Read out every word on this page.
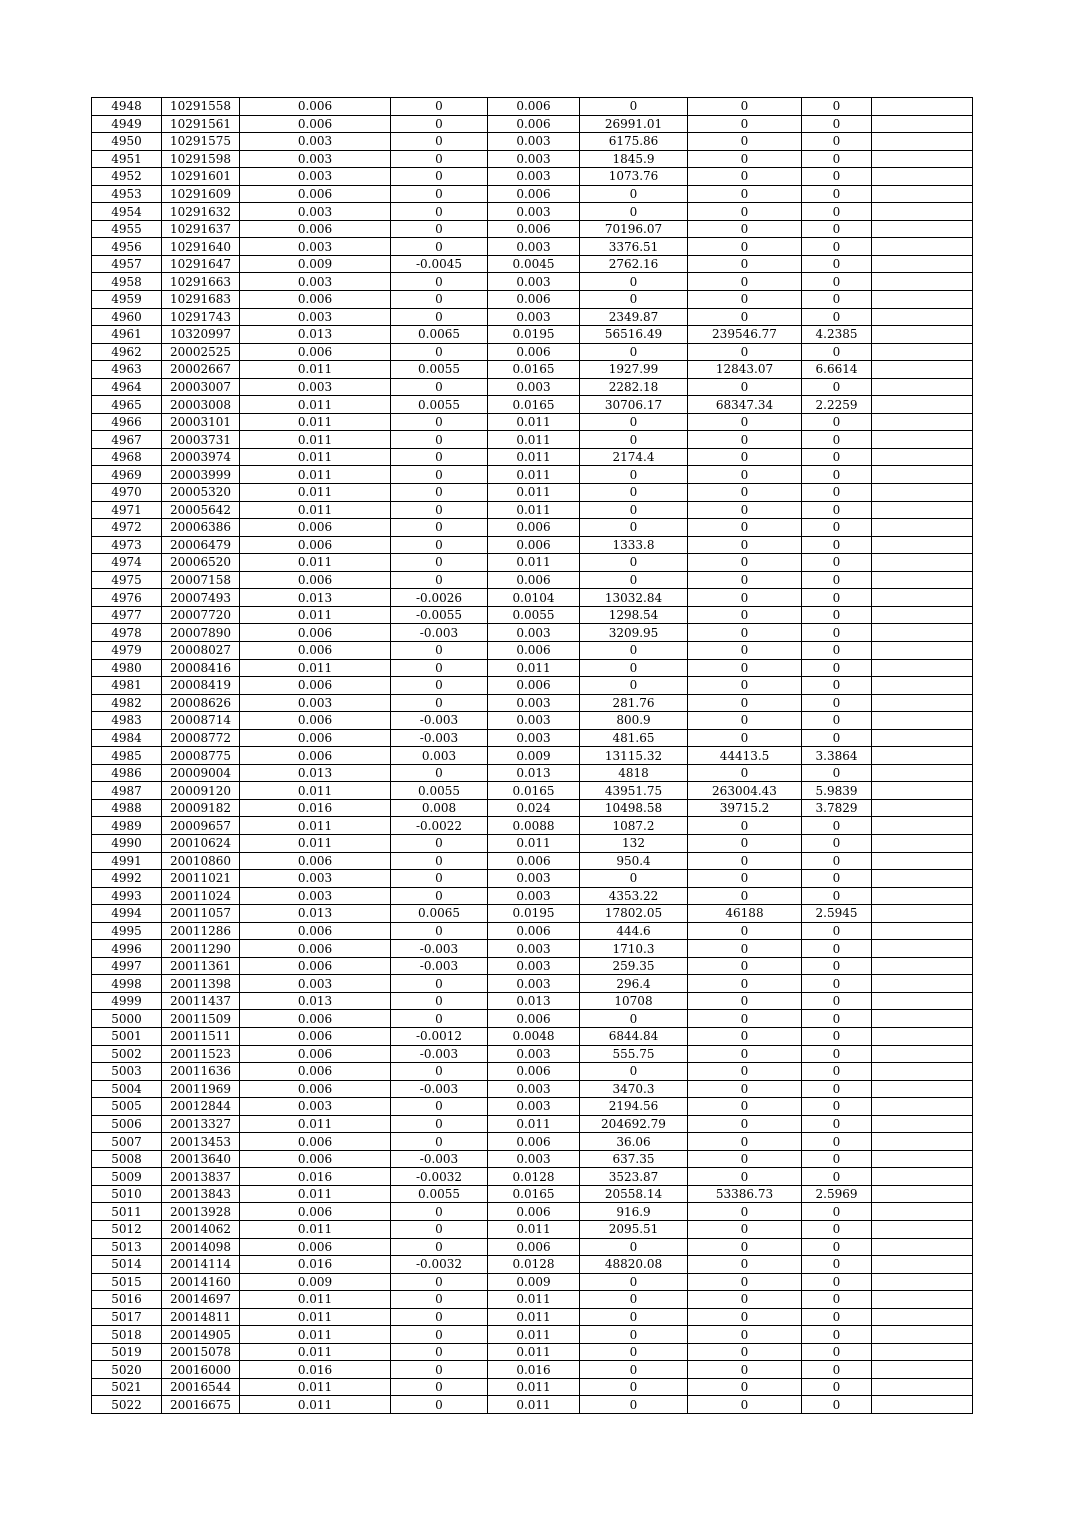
4948	10291558	0.006	0	0.006	0	0	0	
4949	10291561	0.006	0	0.006	26991.01	0	0	
4950	10291575	0.003	0	0.003	6175.86	0	0	
4951	10291598	0.003	0	0.003	1845.9	0	0	
4952	10291601	0.003	0	0.003	1073.76	0	0	
4953	10291609	0.006	0	0.006	0	0	0	
4954	10291632	0.003	0	0.003	0	0	0	
4955	10291637	0.006	0	0.006	70196.07	0	0	
4956	10291640	0.003	0	0.003	3376.51	0	0	
4957	10291647	0.009	-0.0045	0.0045	2762.16	0	0	
4958	10291663	0.003	0	0.003	0	0	0	
4959	10291683	0.006	0	0.006	0	0	0	
4960	10291743	0.003	0	0.003	2349.87	0	0	
4961	10320997	0.013	0.0065	0.0195	56516.49	239546.77	4.2385	
4962	20002525	0.006	0	0.006	0	0	0	
4963	20002667	0.011	0.0055	0.0165	1927.99	12843.07	6.6614	
4964	20003007	0.003	0	0.003	2282.18	0	0	
4965	20003008	0.011	0.0055	0.0165	30706.17	68347.34	2.2259	
4966	20003101	0.011	0	0.011	0	0	0	
4967	20003731	0.011	0	0.011	0	0	0	
4968	20003974	0.011	0	0.011	2174.4	0	0	
4969	20003999	0.011	0	0.011	0	0	0	
4970	20005320	0.011	0	0.011	0	0	0	
4971	20005642	0.011	0	0.011	0	0	0	
4972	20006386	0.006	0	0.006	0	0	0	
4973	20006479	0.006	0	0.006	1333.8	0	0	
4974	20006520	0.011	0	0.011	0	0	0	
4975	20007158	0.006	0	0.006	0	0	0	
4976	20007493	0.013	-0.0026	0.0104	13032.84	0	0	
4977	20007720	0.011	-0.0055	0.0055	1298.54	0	0	
4978	20007890	0.006	-0.003	0.003	3209.95	0	0	
4979	20008027	0.006	0	0.006	0	0	0	
4980	20008416	0.011	0	0.011	0	0	0	
4981	20008419	0.006	0	0.006	0	0	0	
4982	20008626	0.003	0	0.003	281.76	0	0	
4983	20008714	0.006	-0.003	0.003	800.9	0	0	
4984	20008772	0.006	-0.003	0.003	481.65	0	0	
4985	20008775	0.006	0.003	0.009	13115.32	44413.5	3.3864	
4986	20009004	0.013	0	0.013	4818	0	0	
4987	20009120	0.011	0.0055	0.0165	43951.75	263004.43	5.9839	
4988	20009182	0.016	0.008	0.024	10498.58	39715.2	3.7829	
4989	20009657	0.011	-0.0022	0.0088	1087.2	0	0	
4990	20010624	0.011	0	0.011	132	0	0	
4991	20010860	0.006	0	0.006	950.4	0	0	
4992	20011021	0.003	0	0.003	0	0	0	
4993	20011024	0.003	0	0.003	4353.22	0	0	
4994	20011057	0.013	0.0065	0.0195	17802.05	46188	2.5945	
4995	20011286	0.006	0	0.006	444.6	0	0	
4996	20011290	0.006	-0.003	0.003	1710.3	0	0	
4997	20011361	0.006	-0.003	0.003	259.35	0	0	
4998	20011398	0.003	0	0.003	296.4	0	0	
4999	20011437	0.013	0	0.013	10708	0	0	
5000	20011509	0.006	0	0.006	0	0	0	
5001	20011511	0.006	-0.0012	0.0048	6844.84	0	0	
5002	20011523	0.006	-0.003	0.003	555.75	0	0	
5003	20011636	0.006	0	0.006	0	0	0	
5004	20011969	0.006	-0.003	0.003	3470.3	0	0	
5005	20012844	0.003	0	0.003	2194.56	0	0	
5006	20013327	0.011	0	0.011	204692.79	0	0	
5007	20013453	0.006	0	0.006	36.06	0	0	
5008	20013640	0.006	-0.003	0.003	637.35	0	0	
5009	20013837	0.016	-0.0032	0.0128	3523.87	0	0	
5010	20013843	0.011	0.0055	0.0165	20558.14	53386.73	2.5969	
5011	20013928	0.006	0	0.006	916.9	0	0	
5012	20014062	0.011	0	0.011	2095.51	0	0	
5013	20014098	0.006	0	0.006	0	0	0	
5014	20014114	0.016	-0.0032	0.0128	48820.08	0	0	
5015	20014160	0.009	0	0.009	0	0	0	
5016	20014697	0.011	0	0.011	0	0	0	
5017	20014811	0.011	0	0.011	0	0	0	
5018	20014905	0.011	0	0.011	0	0	0	
5019	20015078	0.011	0	0.011	0	0	0	
5020	20016000	0.016	0	0.016	0	0	0	
5021	20016544	0.011	0	0.011	0	0	0	
5022	20016675	0.011	0	0.011	0	0	0	
